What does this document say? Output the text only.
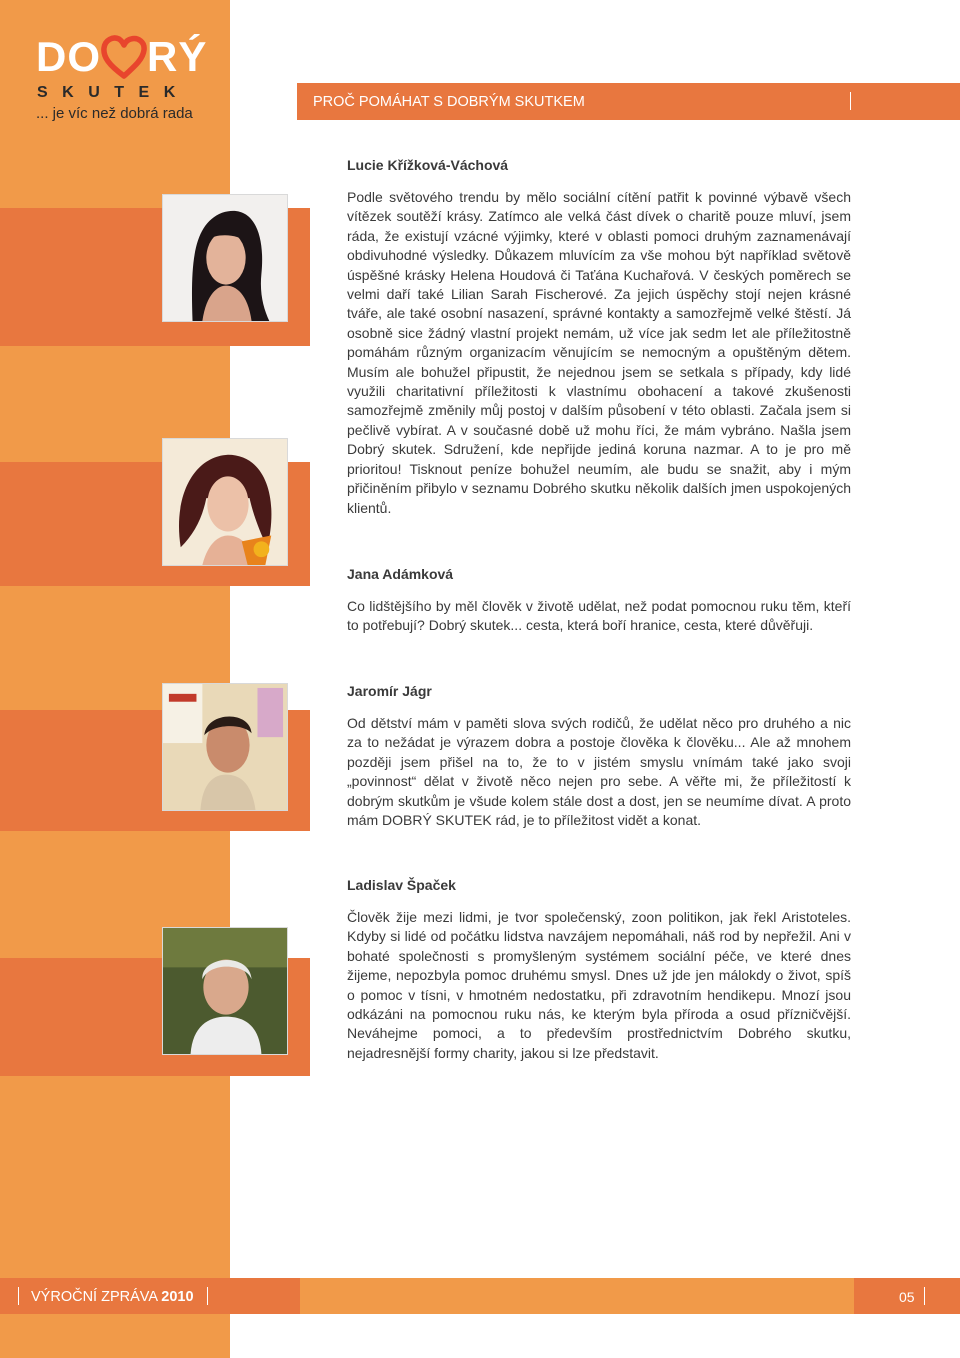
DO RÝ
SKUTEK
... je víc než dobrá rada
PROČ POMÁHAT S DOBRÝM SKUTKEM
Lucie Křížková-Váchová

Podle světového trendu by mělo sociální cítění patřit k povinné výbavě všech vítězek soutěží krásy. Zatímco ale velká část dívek o charitě pouze mluví, jsem ráda, že existují vzácné výjimky, které v oblasti pomoci druhým zaznamenávají obdivuhodné výsledky. Důkazem mluvícím za vše mohou být například světově úspěšné krásky Helena Houdová či Taťána Kuchařová. V českých poměrech se velmi daří také Lilian Sarah Fischerové. Za jejich úspěchy stojí nejen krásné tváře, ale také osobní nasazení, správné kontakty a samozřejmě velké štěstí. Já osobně sice žádný vlastní projekt nemám, už více jak sedm let ale příležitostně pomáhám různým organizacím věnujícím se nemocným a opuštěným dětem. Musím ale bohužel připustit, že nejednou jsem se setkala s případy, kdy lidé využili charitativní příležitosti k vlastnímu obohacení a takové zkušenosti samozřejmě změnily můj postoj v dalším působení v této oblasti. Začala jsem si pečlivě vybírat. A v současné době už mohu říci, že mám vybráno. Našla jsem Dobrý skutek. Sdružení, kde nepřijde jediná koruna nazmar. A to je pro mě prioritou! Tisknout peníze bohužel neumím, ale budu se snažit, aby i mým přičiněním přibylo v seznamu Dobrého skutku několik dalších jmen uspokojených klientů.

Jana Adámková

Co lidštějšího by měl člověk v životě udělat, než podat pomocnou ruku těm, kteří to potřebují? Dobrý skutek... cesta, která boří hranice, cesta, které důvěřuji.

Jaromír Jágr

Od dětství mám v paměti slova svých rodičů, že udělat něco pro druhého a nic za to nežádat je výrazem dobra a postoje člověka k člověku... Ale až mnohem později jsem přišel na to, že to v jistém smyslu vnímám také jako svoji „povinnost“ dělat v životě něco nejen pro sebe. A věřte mi, že příležitostí k dobrým skutkům je všude kolem stále dost a dost, jen se neumíme dívat. A proto mám DOBRÝ SKUTEK rád, je to příležitost vidět a konat.

Ladislav Špaček

Člověk žije mezi lidmi, je tvor společenský, zoon politikon, jak řekl Aristoteles. Kdyby si lidé od počátku lidstva navzájem nepomáhali, náš rod by nepřežil. Ani v bohaté společnosti s promyšleným systémem sociální péče, ve které dnes žijeme, nepozbyla pomoc druhému smysl. Dnes už jde jen málokdy o život, spíš o pomoc v tísni, v hmotném nedostatku, při zdravotním hendikepu. Mnozí jsou odkázáni na pomocnou ruku nás, ke kterým byla příroda a osud přízničvější. Neváhejme pomoci, a to především prostřednictvím Dobrého skutku, nejadresnější formy charity, jakou si lze představit.

VÝROČNÍ ZPRÁVA 2010	05
